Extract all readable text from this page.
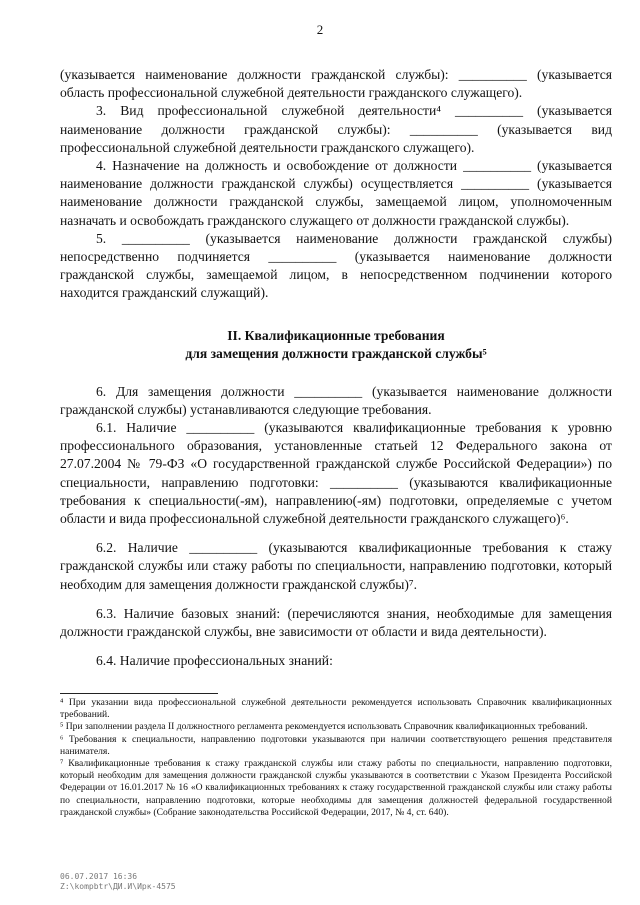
2

(указывается наименование должности гражданской службы): __________ (указывается область профессиональной служебной деятельности гражданского служащего).

3. Вид профессиональной служебной деятельности⁴ __________ (указывается наименование должности гражданской службы): __________ (указывается вид профессиональной служебной деятельности гражданского служащего).

4. Назначение на должность и освобождение от должности __________ (указывается наименование должности гражданской службы) осуществляется __________ (указывается наименование должности гражданской службы, замещаемой лицом, уполномоченным назначать и освобождать гражданского служащего от должности гражданской службы).

5. __________ (указывается наименование должности гражданской службы) непосредственно подчиняется __________ (указывается наименование должности гражданской службы, замещаемой лицом, в непосредственном подчинении которого находится гражданский служащий).

II. Квалификационные требования
для замещения должности гражданской службы⁵

6. Для замещения должности __________ (указывается наименование должности гражданской службы) устанавливаются следующие требования.

6.1. Наличие __________ (указываются квалификационные требования к уровню профессионального образования, установленные статьей 12 Федерального закона от 27.07.2004 № 79-ФЗ «О государственной гражданской службе Российской Федерации») по специальности, направлению подготовки: __________ (указываются квалификационные требования к специальности(-ям), направлению(-ям) подготовки, определяемые с учетом области и вида профессиональной служебной деятельности гражданского служащего)⁶.

6.2. Наличие __________ (указываются квалификационные требования к стажу гражданской службы или стажу работы по специальности, направлению подготовки, который необходим для замещения должности гражданской службы)⁷.

6.3. Наличие базовых знаний: (перечисляются знания, необходимые для замещения должности гражданской службы, вне зависимости от области и вида деятельности).

6.4. Наличие профессиональных знаний:

⁴ При указании вида профессиональной служебной деятельности рекомендуется использовать Справочник квалификационных требований.

⁵ При заполнении раздела II должностного регламента рекомендуется использовать Справочник квалификационных требований.

⁶ Требования к специальности, направлению подготовки указываются при наличии соответствующего решения представителя нанимателя.

⁷ Квалификационные требования к стажу гражданской службы или стажу работы по специальности, направлению подготовки, который необходим для замещения должности гражданской службы указываются в соответствии с Указом Президента Российской Федерации от 16.01.2017 № 16 «О квалификационных требованиях к стажу государственной гражданской службы или стажу работы по специальности, направлению подготовки, которые необходимы для замещения должностей федеральной государственной гражданской службы» (Собрание законодательства Российской Федерации, 2017, № 4, ст. 640).

06.07.2017 16:36
Z:\kompbtr\ДИ.И\Ирк-4575
